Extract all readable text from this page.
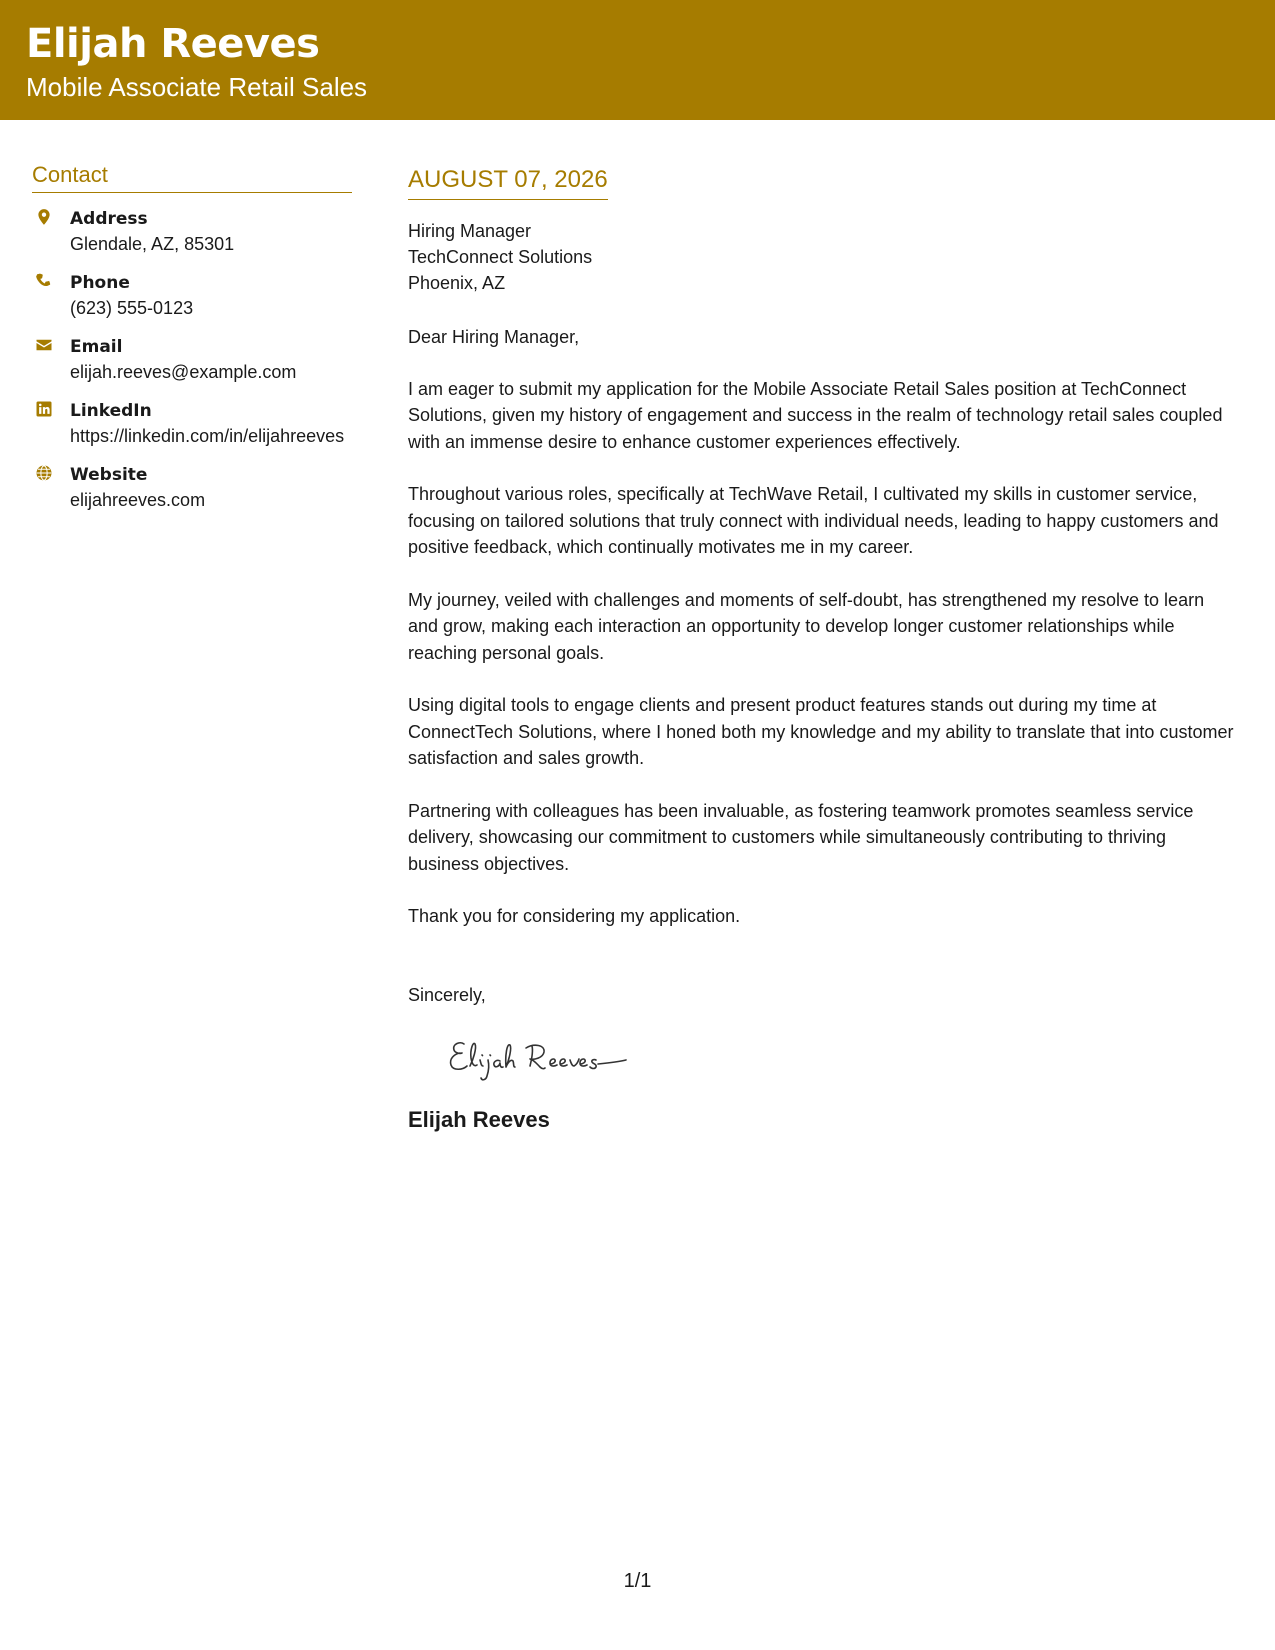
Elijah Reeves
Mobile Associate Retail Sales
Contact
Address
Glendale, AZ, 85301
Phone
(623) 555-0123
Email
elijah.reeves@example.com
LinkedIn
https://linkedin.com/in/elijahreeves
Website
elijahreeves.com
AUGUST 07, 2026
Hiring Manager
TechConnect Solutions
Phoenix, AZ
Dear Hiring Manager,
I am eager to submit my application for the Mobile Associate Retail Sales position at TechConnect Solutions, given my history of engagement and success in the realm of technology retail sales coupled with an immense desire to enhance customer experiences effectively.
Throughout various roles, specifically at TechWave Retail, I cultivated my skills in customer service, focusing on tailored solutions that truly connect with individual needs, leading to happy customers and positive feedback, which continually motivates me in my career.
My journey, veiled with challenges and moments of self-doubt, has strengthened my resolve to learn and grow, making each interaction an opportunity to develop longer customer relationships while reaching personal goals.
Using digital tools to engage clients and present product features stands out during my time at ConnectTech Solutions, where I honed both my knowledge and my ability to translate that into customer satisfaction and sales growth.
Partnering with colleagues has been invaluable, as fostering teamwork promotes seamless service delivery, showcasing our commitment to customers while simultaneously contributing to thriving business objectives.
Thank you for considering my application.
Sincerely,
Elijah Reeves
1/1
